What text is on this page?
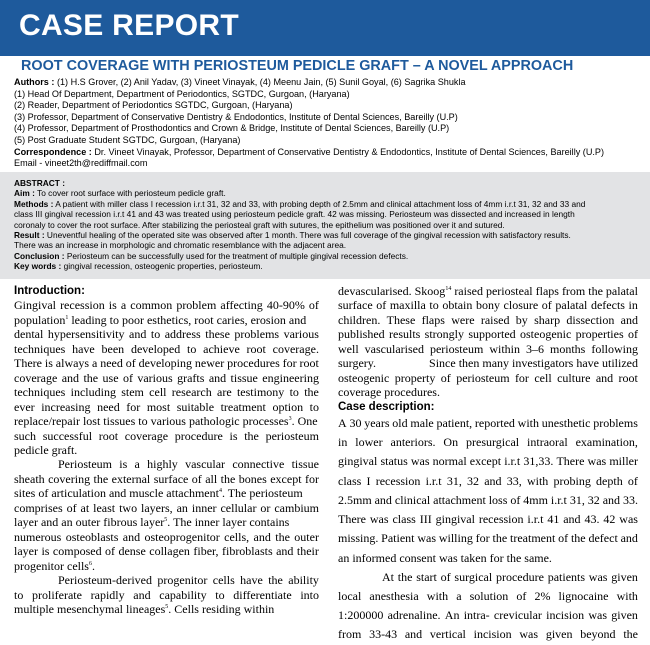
CASE REPORT
ROOT COVERAGE WITH PERIOSTEUM PEDICLE GRAFT – A NOVEL APPROACH
Authors : (1) H.S Grover, (2) Anil Yadav, (3) Vineet Vinayak, (4) Meenu Jain, (5) Sunil Goyal, (6) Sagrika Shukla
(1) Head Of Department, Department of Periodontics, SGTDC, Gurgoan, (Haryana)
(2) Reader, Department of Periodontics SGTDC, Gurgoan, (Haryana)
(3) Professor, Department of Conservative Dentistry & Endodontics, Institute of Dental Sciences, Bareilly (U.P)
(4) Professor, Department of Prosthodontics and Crown & Bridge, Institute of Dental Sciences, Bareilly (U.P)
(5) Post Graduate Student SGTDC, Gurgoan, (Haryana)
Correspondence : Dr. Vineet Vinayak, Professor, Department of Conservative Dentistry & Endodontics, Institute of Dental Sciences, Bareilly (U.P)
Email - vineet2th@rediffmail.com
ABSTRACT :
Aim : To cover root surface with periosteum pedicle graft.
Methods : A patient with miller class I recession i.r.t 31, 32 and 33, with probing depth of 2.5mm and clinical attachment loss of 4mm i.r.t 31, 32 and 33 and
class III gingival recession i.r.t 41 and 43 was treated using periosteum pedicle graft. 42 was missing. Periosteum was dissected and increased in length
coronaly to cover the root surface. After stabilizing the periosteal graft with sutures, the epithelium was positioned over it and sutured.
Result : Uneventful healing of the operated site was observed after 1 month. There was full coverage of the gingival recession with satisfactory results.
There was an increase in morphologic and chromatic resemblance with the adjacent area.
Conclusion : Periosteum can be successfully used for the treatment of multiple gingival recession defects.
Key words : gingival recession, osteogenic properties, periosteum.
Introduction:
Gingival recession is a common problem affecting 40-90% of
population$^1$ leading to poor esthetics, root caries, erosion and
dental hypersensitivity and to address these problems various
techniques have been developed to achieve root coverage.
There is always a need of developing newer procedures for root
coverage and the use of various grafts and tissue engineering
techniques including stem cell research are testimony to the
ever increasing need for most suitable treatment option to
replace/repair lost tissues to various pathologic processes$^3$. One
such successful root coverage procedure is the periosteum
pedicle graft.
Periosteum is a highly vascular connective tissue
sheath covering the external surface of all the bones except for
sites of articulation and muscle attachment$^4$. The periosteum
comprises of at least two layers, an inner cellular or cambium
layer and an outer fibrous layer$^5$. The inner layer contains
numerous osteoblasts and osteoprogenitor cells, and the outer
layer is composed of dense collagen fiber, fibroblasts and their
progenitor cells$^6$.
Periosteum-derived progenitor cells have the ability
to proliferate rapidly and capability to differentiate into
multiple mesenchymal lineages$^5$. Cells residing within
devascularised. Skoog$^{14}$ raised periosteal flaps from the palatal
surface of maxilla to obtain bony closure of palatal defects in
children. These flaps were raised by sharp dissection and
published results strongly supported osteogenic properties of
well vascularised periosteum within 3–6 months following
surgery.	Since then many investigators have utilized
osteogenic property of periosteum for cell culture and root
coverage procedures.
Case description:
A 30 years old male patient, reported with unesthetic problems
in lower anteriors. On presurgical intraoral examination,
gingival status was normal except i.r.t 31,33. There was miller
class I recession i.r.t 31, 32 and 33, with probing depth of
2.5mm and clinical attachment loss of 4mm i.r.t 31, 32 and 33.
There was class III gingival recession i.r.t 41 and 43. 42 was
missing. Patient was willing for the treatment of the defect and
an informed consent was taken for the same.
At the start of surgical procedure patients was given
local anesthesia with a solution of 2% lignocaine with
1:200000 adrenaline. An intra- crevicular incision was given
from 33-43 and vertical incision was given beyond the
